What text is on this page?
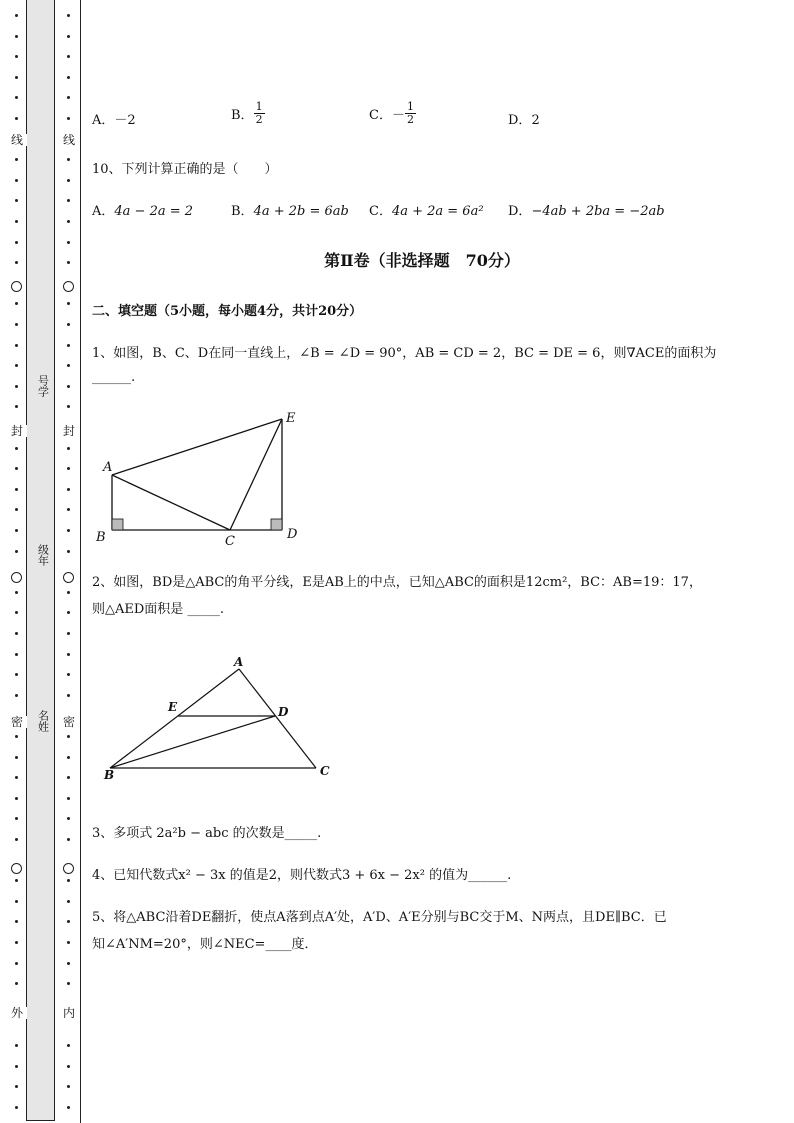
线
封
密
外
线
封
密
内
号学
级年
名姓
A．－2	B． $\frac{1}{2}$	C．－ $\frac{1}{2}$	D．2
10、下列计算正确的是（　　）
A．4a − 2a = 2	B．4a + 2b = 6ab C．4a + 2a = 6a² D．−4ab + 2ba = −2ab
第Ⅱ卷（非选择题　70分）
二、填空题（5小题，每小题4分，共计20分）
1、如图，B、C、D在同一直线上，∠B = ∠D = 90°，AB = CD = 2，BC = DE = 6，则∇ACE的面积为
______.
2、如图，BD是△ABC的角平分线，E是AB上的中点，已知△ABC的面积是12cm²，BC：AB=19：17，
则△AED面积是 _____.
3、多项式 2a²b − abc 的次数是_____.
4、已知代数式x² − 3x 的值是2，则代数式3 + 6x − 2x² 的值为______.
5、将△ABC沿着DE翻折，使点A落到点A′处，A′D、A′E分别与BC交于M、N两点，且DE∥BC．已
知∠A′NM=20°，则∠NEC=____度．
A
B	C	D
E
A
B	C
D
E
